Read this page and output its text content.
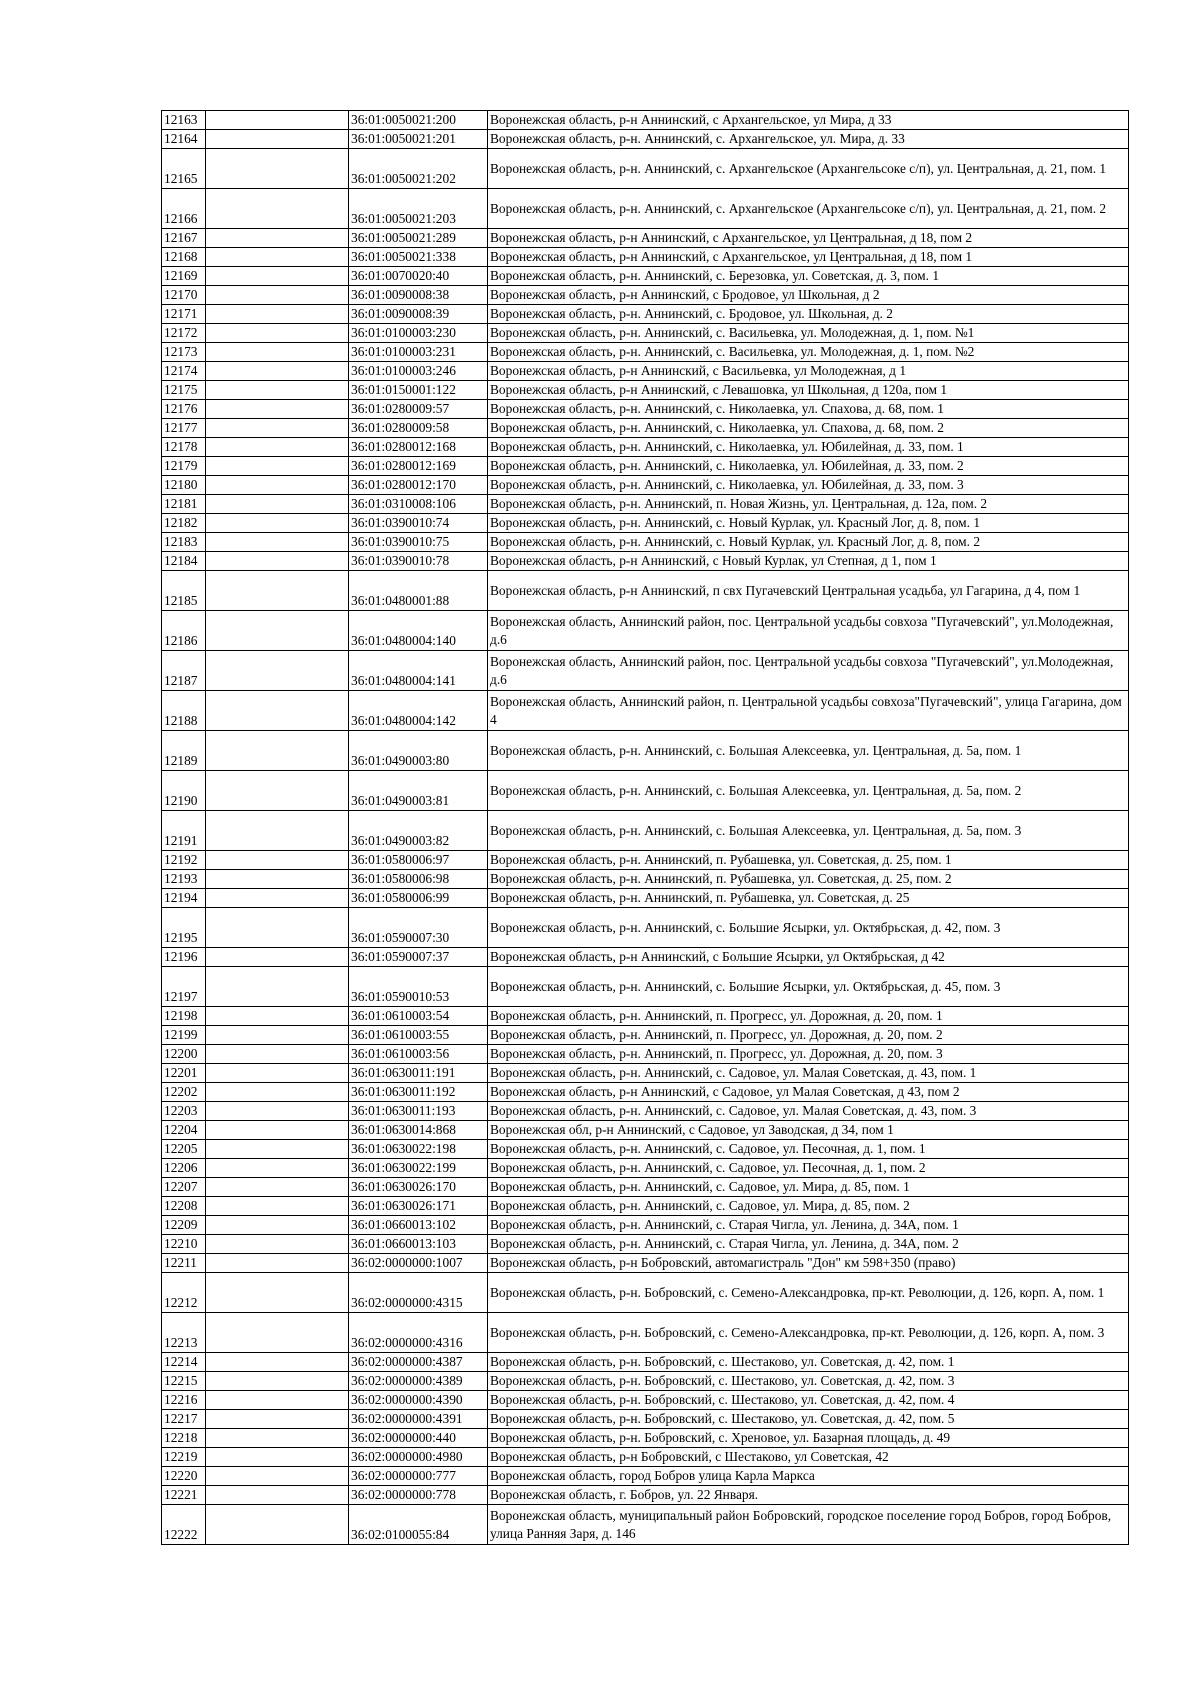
12163		36:01:0050021:200	Воронежская область, р-н Аннинский, с Архангельское, ул Мира, д 33
12164		36:01:0050021:201	Воронежская область, р-н. Аннинский, с. Архангельское, ул. Мира, д. 33
12165		36:01:0050021:202	Воронежская область, р-н. Аннинский, с. Архангельское (Архангельсоке с/п), ул. Центральная, д. 21, пом. 1
12166		36:01:0050021:203	Воронежская область, р-н. Аннинский, с. Архангельское (Архангельсоке с/п), ул. Центральная, д. 21, пом. 2
12167		36:01:0050021:289	Воронежская область, р-н Аннинский, с Архангельское, ул Центральная, д 18, пом 2
12168		36:01:0050021:338	Воронежская область, р-н Аннинский, с Архангельское, ул Центральная, д 18, пом 1
12169		36:01:0070020:40	Воронежская область, р-н. Аннинский, с. Березовка, ул. Советская, д. 3, пом. 1
12170		36:01:0090008:38	Воронежская область, р-н Аннинский, с Бродовое, ул Школьная, д 2
12171		36:01:0090008:39	Воронежская область, р-н. Аннинский, с. Бродовое, ул. Школьная, д. 2
12172		36:01:0100003:230	Воронежская область, р-н. Аннинский, с. Васильевка, ул. Молодежная, д. 1, пом. №1
12173		36:01:0100003:231	Воронежская область, р-н. Аннинский, с. Васильевка, ул. Молодежная, д. 1, пом. №2
12174		36:01:0100003:246	Воронежская область, р-н Аннинский, с Васильевка, ул Молодежная, д 1
12175		36:01:0150001:122	Воронежская область, р-н Аннинский, с Левашовка, ул Школьная, д 120а, пом 1
12176		36:01:0280009:57	Воронежская область, р-н. Аннинский, с. Николаевка, ул. Спахова, д. 68, пом. 1
12177		36:01:0280009:58	Воронежская область, р-н. Аннинский, с. Николаевка, ул. Спахова, д. 68, пом. 2
12178		36:01:0280012:168	Воронежская область, р-н. Аннинский, с. Николаевка, ул. Юбилейная, д. 33, пом. 1
12179		36:01:0280012:169	Воронежская область, р-н. Аннинский, с. Николаевка, ул. Юбилейная, д. 33, пом. 2
12180		36:01:0280012:170	Воронежская область, р-н. Аннинский, с. Николаевка, ул. Юбилейная, д. 33, пом. 3
12181		36:01:0310008:106	Воронежская область, р-н. Аннинский, п. Новая Жизнь, ул. Центральная, д. 12а, пом. 2
12182		36:01:0390010:74	Воронежская область, р-н. Аннинский, с. Новый Курлак, ул. Красный Лог, д. 8, пом. 1
12183		36:01:0390010:75	Воронежская область, р-н. Аннинский, с. Новый Курлак, ул. Красный Лог, д. 8, пом. 2
12184		36:01:0390010:78	Воронежская область, р-н Аннинский, с Новый Курлак, ул Степная, д 1, пом 1
12185		36:01:0480001:88	Воронежская область, р-н Аннинский, п свх Пугачевский Центральная усадьба, ул Гагарина, д 4, пом 1
12186		36:01:0480004:140	Воронежская область, Аннинский район, пос. Центральной усадьбы совхоза "Пугачевский", ул.Молодежная, д.6
12187		36:01:0480004:141	Воронежская область, Аннинский район, пос. Центральной усадьбы совхоза "Пугачевский", ул.Молодежная, д.6
12188		36:01:0480004:142	Воронежская область, Аннинский район, п. Центральной усадьбы совхоза"Пугачевский", улица Гагарина, дом 4
12189		36:01:0490003:80	Воронежская область, р-н. Аннинский, с. Большая Алексеевка, ул. Центральная, д. 5а, пом. 1
12190		36:01:0490003:81	Воронежская область, р-н. Аннинский, с. Большая Алексеевка, ул. Центральная, д. 5а, пом. 2
12191		36:01:0490003:82	Воронежская область, р-н. Аннинский, с. Большая Алексеевка, ул. Центральная, д. 5а, пом. 3
12192		36:01:0580006:97	Воронежская область, р-н. Аннинский, п. Рубашевка, ул. Советская, д. 25, пом. 1
12193		36:01:0580006:98	Воронежская область, р-н. Аннинский, п. Рубашевка, ул. Советская, д. 25, пом. 2
12194		36:01:0580006:99	Воронежская область, р-н. Аннинский, п. Рубашевка, ул. Советская, д. 25
12195		36:01:0590007:30	Воронежская область, р-н. Аннинский, с. Большие Ясырки, ул. Октябрьская, д. 42, пом. 3
12196		36:01:0590007:37	Воронежская область, р-н Аннинский, с Большие Ясырки, ул Октябрьская, д 42
12197		36:01:0590010:53	Воронежская область, р-н. Аннинский, с. Большие Ясырки, ул. Октябрьская, д. 45, пом. 3
12198		36:01:0610003:54	Воронежская область, р-н. Аннинский, п. Прогресс, ул. Дорожная, д. 20, пом. 1
12199		36:01:0610003:55	Воронежская область, р-н. Аннинский, п. Прогресс, ул. Дорожная, д. 20, пом. 2
12200		36:01:0610003:56	Воронежская область, р-н. Аннинский, п. Прогресс, ул. Дорожная, д. 20, пом. 3
12201		36:01:0630011:191	Воронежская область, р-н. Аннинский, с. Садовое, ул. Малая Советская, д. 43, пом. 1
12202		36:01:0630011:192	Воронежская область, р-н Аннинский, с Садовое, ул Малая Советская, д 43, пом 2
12203		36:01:0630011:193	Воронежская область, р-н. Аннинский, с. Садовое, ул. Малая Советская, д. 43, пом. 3
12204		36:01:0630014:868	Воронежская обл, р-н Аннинский, с Садовое, ул Заводская, д 34, пом 1
12205		36:01:0630022:198	Воронежская область, р-н. Аннинский, с. Садовое, ул. Песочная, д. 1, пом. 1
12206		36:01:0630022:199	Воронежская область, р-н. Аннинский, с. Садовое, ул. Песочная, д. 1, пом. 2
12207		36:01:0630026:170	Воронежская область, р-н. Аннинский, с. Садовое, ул. Мира, д. 85, пом. 1
12208		36:01:0630026:171	Воронежская область, р-н. Аннинский, с. Садовое, ул. Мира, д. 85, пом. 2
12209		36:01:0660013:102	Воронежская область, р-н. Аннинский, с. Старая Чигла, ул. Ленина, д. 34А, пом. 1
12210		36:01:0660013:103	Воронежская область, р-н. Аннинский, с. Старая Чигла, ул. Ленина, д. 34А, пом. 2
12211		36:02:0000000:1007	Воронежская область, р-н Бобровский, автомагистраль "Дон" км 598+350 (право)
12212		36:02:0000000:4315	Воронежская область, р-н. Бобровский, с. Семено-Александровка, пр-кт. Революции, д. 126, корп. А, пом. 1
12213		36:02:0000000:4316	Воронежская область, р-н. Бобровский, с. Семено-Александровка, пр-кт. Революции, д. 126, корп. А, пом. 3
12214		36:02:0000000:4387	Воронежская область, р-н. Бобровский, с. Шестаково, ул. Советская, д. 42, пом. 1
12215		36:02:0000000:4389	Воронежская область, р-н. Бобровский, с. Шестаково, ул. Советская, д. 42, пом. 3
12216		36:02:0000000:4390	Воронежская область, р-н. Бобровский, с. Шестаково, ул. Советская, д. 42, пом. 4
12217		36:02:0000000:4391	Воронежская область, р-н. Бобровский, с. Шестаково, ул. Советская, д. 42, пом. 5
12218		36:02:0000000:440	Воронежская область, р-н. Бобровский, с. Хреновое, ул. Базарная площадь, д. 49
12219		36:02:0000000:4980	Воронежская область, р-н Бобровский, с Шестаково, ул Советская, 42
12220		36:02:0000000:777	Воронежская область, город Бобров улица Карла Маркса
12221		36:02:0000000:778	Воронежская область, г. Бобров, ул. 22 Января.
12222		36:02:0100055:84	Воронежская область, муниципальный район Бобровский, городское поселение город Бобров, город Бобров, улица Ранняя Заря, д. 146
